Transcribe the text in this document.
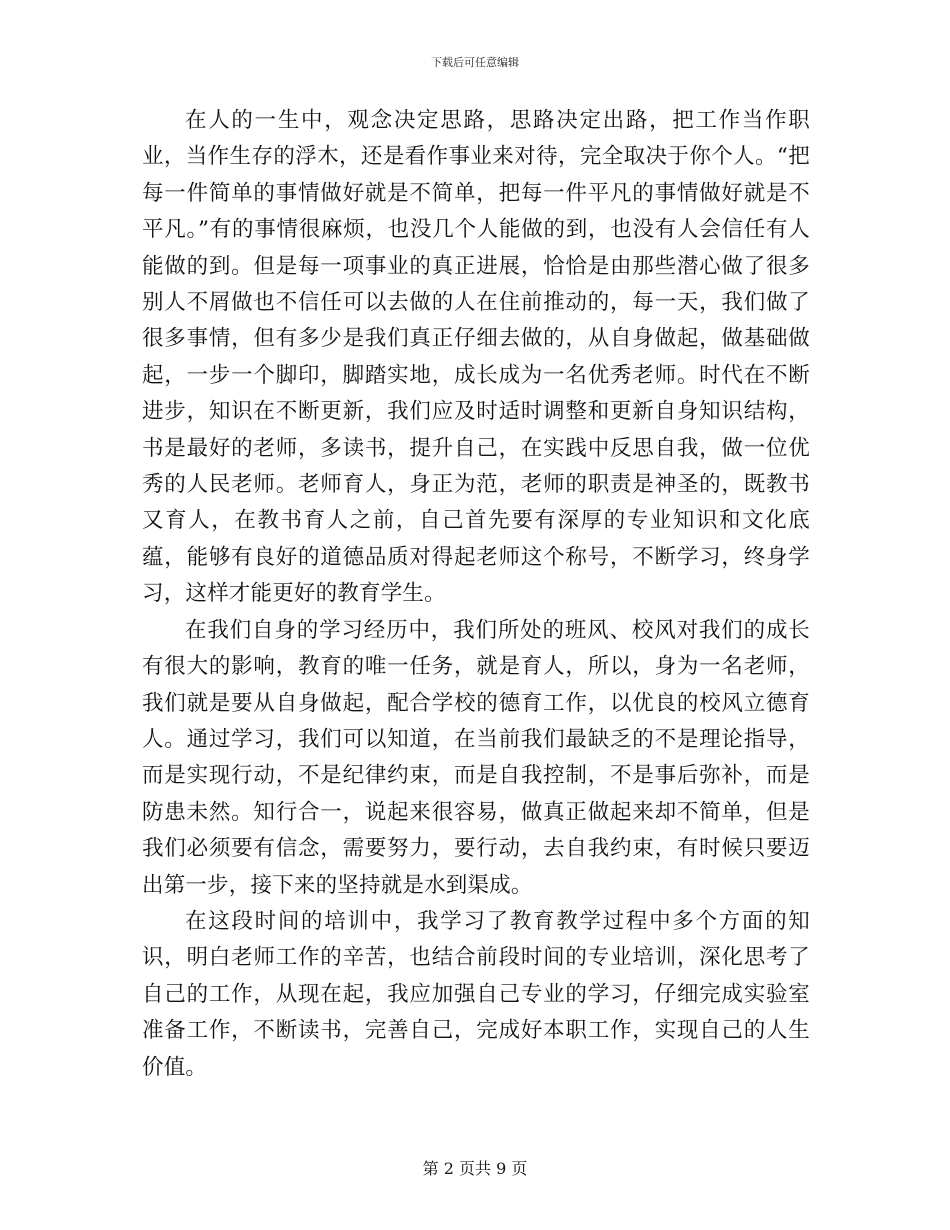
下载后可任意编辑

在人的一生中，观念决定思路，思路决定出路，把工作当作职业，当作生存的浮木，还是看作事业来对待，完全取决于你个人。“把每一件简单的事情做好就是不简单，把每一件平凡的事情做好就是不平凡。”有的事情很麻烦，也没几个人能做的到，也没有人会信任有人能做的到。但是每一项事业的真正进展，恰恰是由那些潜心做了很多别人不屑做也不信任可以去做的人在住前推动的，每一天，我们做了很多事情，但有多少是我们真正仔细去做的，从自身做起，做基础做起，一步一个脚印，脚踏实地，成长成为一名优秀老师。时代在不断进步，知识在不断更新，我们应及时适时调整和更新自身知识结构，书是最好的老师，多读书，提升自己，在实践中反思自我，做一位优秀的人民老师。老师育人，身正为范，老师的职责是神圣的，既教书又育人，在教书育人之前，自己首先要有深厚的专业知识和文化底蕴，能够有良好的道德品质对得起老师这个称号，不断学习，终身学习，这样才能更好的教育学生。

在我们自身的学习经历中，我们所处的班风、校风对我们的成长有很大的影响，教育的唯一任务，就是育人，所以，身为一名老师，我们就是要从自身做起，配合学校的德育工作，以优良的校风立德育人。通过学习，我们可以知道，在当前我们最缺乏的不是理论指导，而是实现行动，不是纪律约束，而是自我控制，不是事后弥补，而是防患未然。知行合一，说起来很容易，做真正做起来却不简单，但是我们必须要有信念，需要努力，要行动，去自我约束，有时候只要迈出第一步，接下来的坚持就是水到渠成。

在这段时间的培训中，我学习了教育教学过程中多个方面的知识，明白老师工作的辛苦，也结合前段时间的专业培训，深化思考了自己的工作，从现在起，我应加强自己专业的学习，仔细完成实验室准备工作，不断读书，完善自己，完成好本职工作，实现自己的人生价值。

第 2 页共 9 页
